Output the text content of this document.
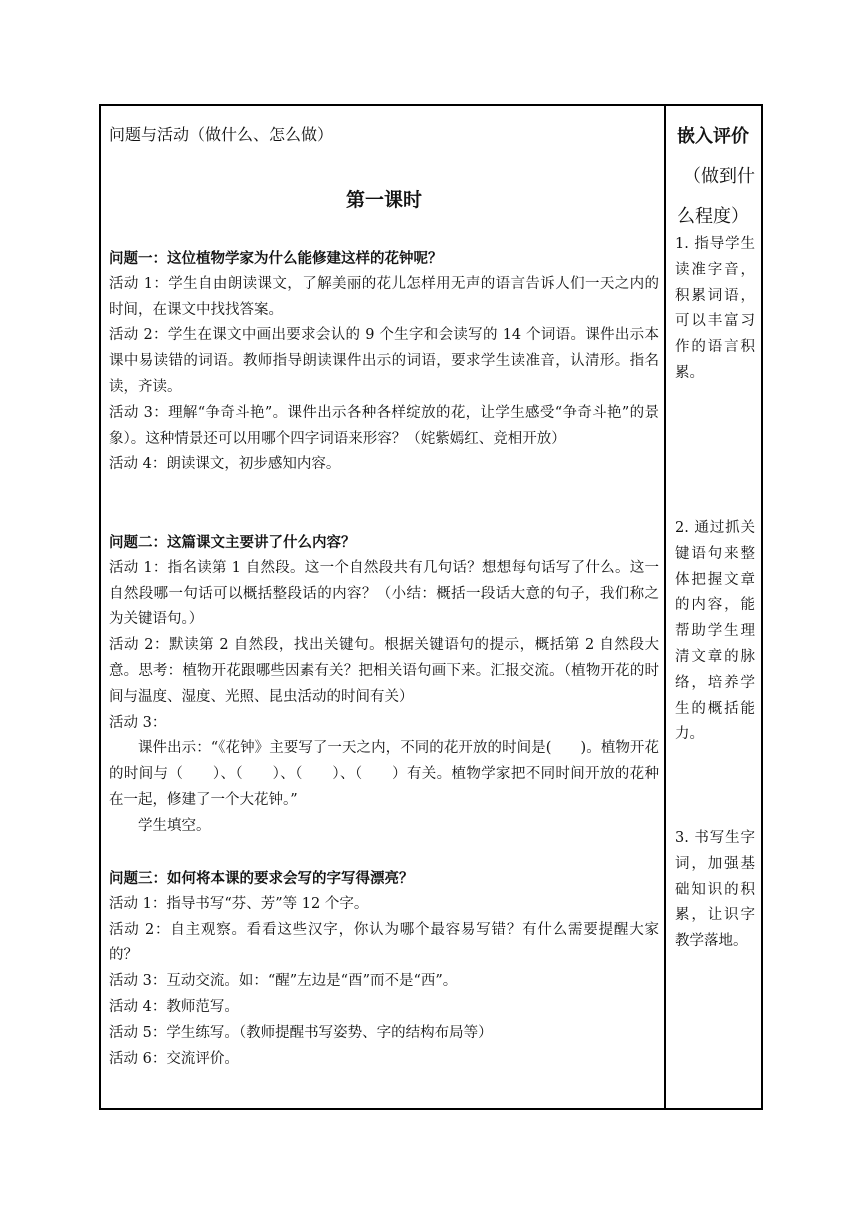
问题与活动（做什么、怎么做）
第一课时
问题一：这位植物学家为什么能修建这样的花钟呢？
活动 1：学生自由朗读课文，了解美丽的花儿怎样用无声的语言告诉人们一天之内的时间，在课文中找找答案。
活动 2：学生在课文中画出要求会认的 9 个生字和会读写的 14 个词语。课件出示本课中易读错的词语。教师指导朗读课件出示的词语，要求学生读准音，认清形。指名读，齐读。
活动 3：理解“争奇斗艳”。课件出示各种各样绽放的花，让学生感受“争奇斗艳”的景象）。这种情景还可以用哪个四字词语来形容？（姹紫嫣红、竞相开放）
活动 4：朗读课文，初步感知内容。
问题二：这篇课文主要讲了什么内容？
活动 1：指名读第 1 自然段。这一个自然段共有几句话？想想每句话写了什么。这一自然段哪一句话可以概括整段话的内容？（小结：概括一段话大意的句子，我们称之为关键语句。）
活动 2：默读第 2 自然段，找出关键句。根据关键语句的提示，概括第 2 自然段大意。思考：植物开花跟哪些因素有关？把相关语句画下来。汇报交流。（植物开花的时间与温度、湿度、光照、昆虫活动的时间有关）
活动 3：
课件出示：“《花钟》主要写了一天之内，不同的花开放的时间是(　　)。植物开花的时间与（　　）、（　　）、（　　）、（　　）有关。植物学家把不同时间开放的花种在一起，修建了一个大花钟。”
学生填空。
问题三：如何将本课的要求会写的字写得漂亮？
活动 1：指导书写“芬、芳”等 12 个字。
活动 2：自主观察。看看这些汉字，你认为哪个最容易写错？有什么需要提醒大家的？
活动 3：互动交流。如：“醒”左边是“酉”而不是“西”。
活动 4：教师范写。
活动 5：学生练写。（教师提醒书写姿势、字的结构布局等）
活动 6：交流评价。
嵌入评价
（做到什
么程度）
1. 指导学生读准字音，积累词语，可以丰富习作的语言积累。
2. 通过抓关键语句来整体把握文章的内容，能帮助学生理清文章的脉络，培养学生的概括能力。
3. 书写生字词，加强基础知识的积累，让识字教学落地。
